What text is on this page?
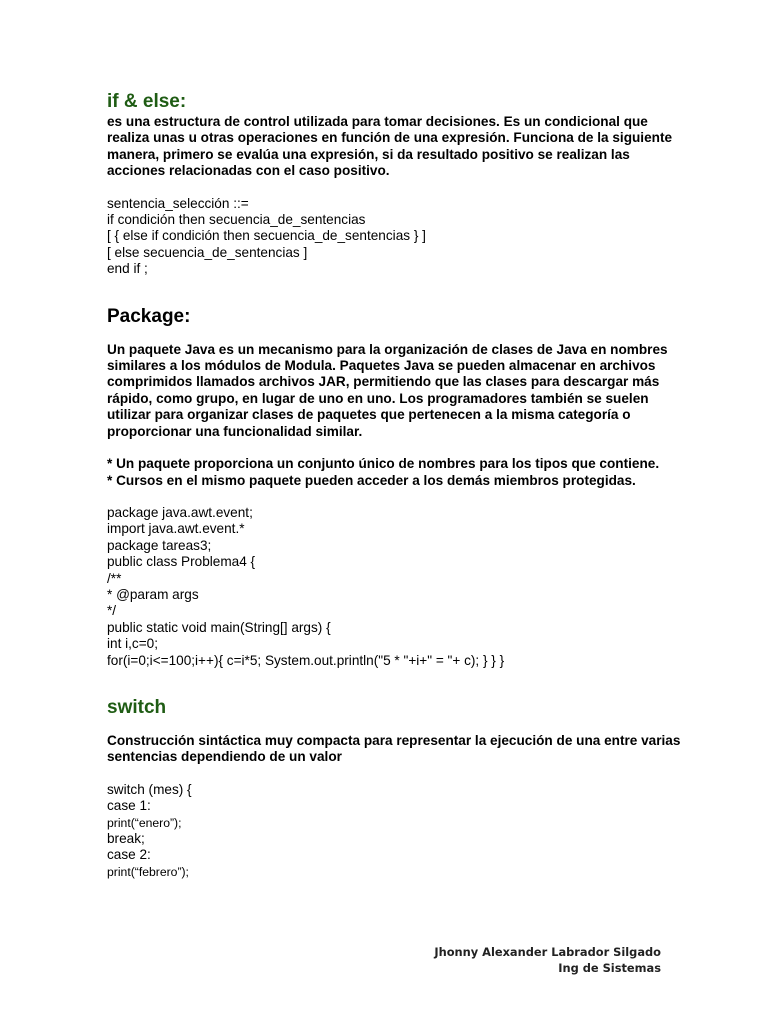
if & else:

es una estructura de control utilizada para tomar decisiones. Es un condicional que realiza unas u otras operaciones en función de una expresión. Funciona de la siguiente manera, primero se evalúa una expresión, si da resultado positivo se realizan las acciones relacionadas con el caso positivo.

sentencia_selección ::=
if condición then secuencia_de_sentencias
[ { else if condición then secuencia_de_sentencias } ]
[ else secuencia_de_sentencias ]
end if ;
Package:

Un paquete Java es un mecanismo para la organización de clases de Java en nombres similares a los módulos de Modula. Paquetes Java se pueden almacenar en archivos comprimidos llamados archivos JAR, permitiendo que las clases para descargar más rápido, como grupo, en lugar de uno en uno. Los programadores también se suelen utilizar para organizar clases de paquetes que pertenecen a la misma categoría o proporcionar una funcionalidad similar.

* Un paquete proporciona un conjunto único de nombres para los tipos que contiene.

* Cursos en el mismo paquete pueden acceder a los demás miembros protegidas.

package java.awt.event;
import java.awt.event.*
package tareas3;
public class Problema4 {
/**
* @param args
*/
public static void main(String[] args) {
int i,c=0;
for(i=0;i<=100;i++){ c=i*5; System.out.println("5 * "+i+" = "+ c); } } }
switch

Construcción sintáctica muy compacta para representar la ejecución de una entre varias sentencias dependiendo de un valor

switch (mes) {
case 1:
print(“enero”);
break;
case 2:
print(“febrero”);
Jhonny Alexander Labrador Silgado
Ing de Sistemas
